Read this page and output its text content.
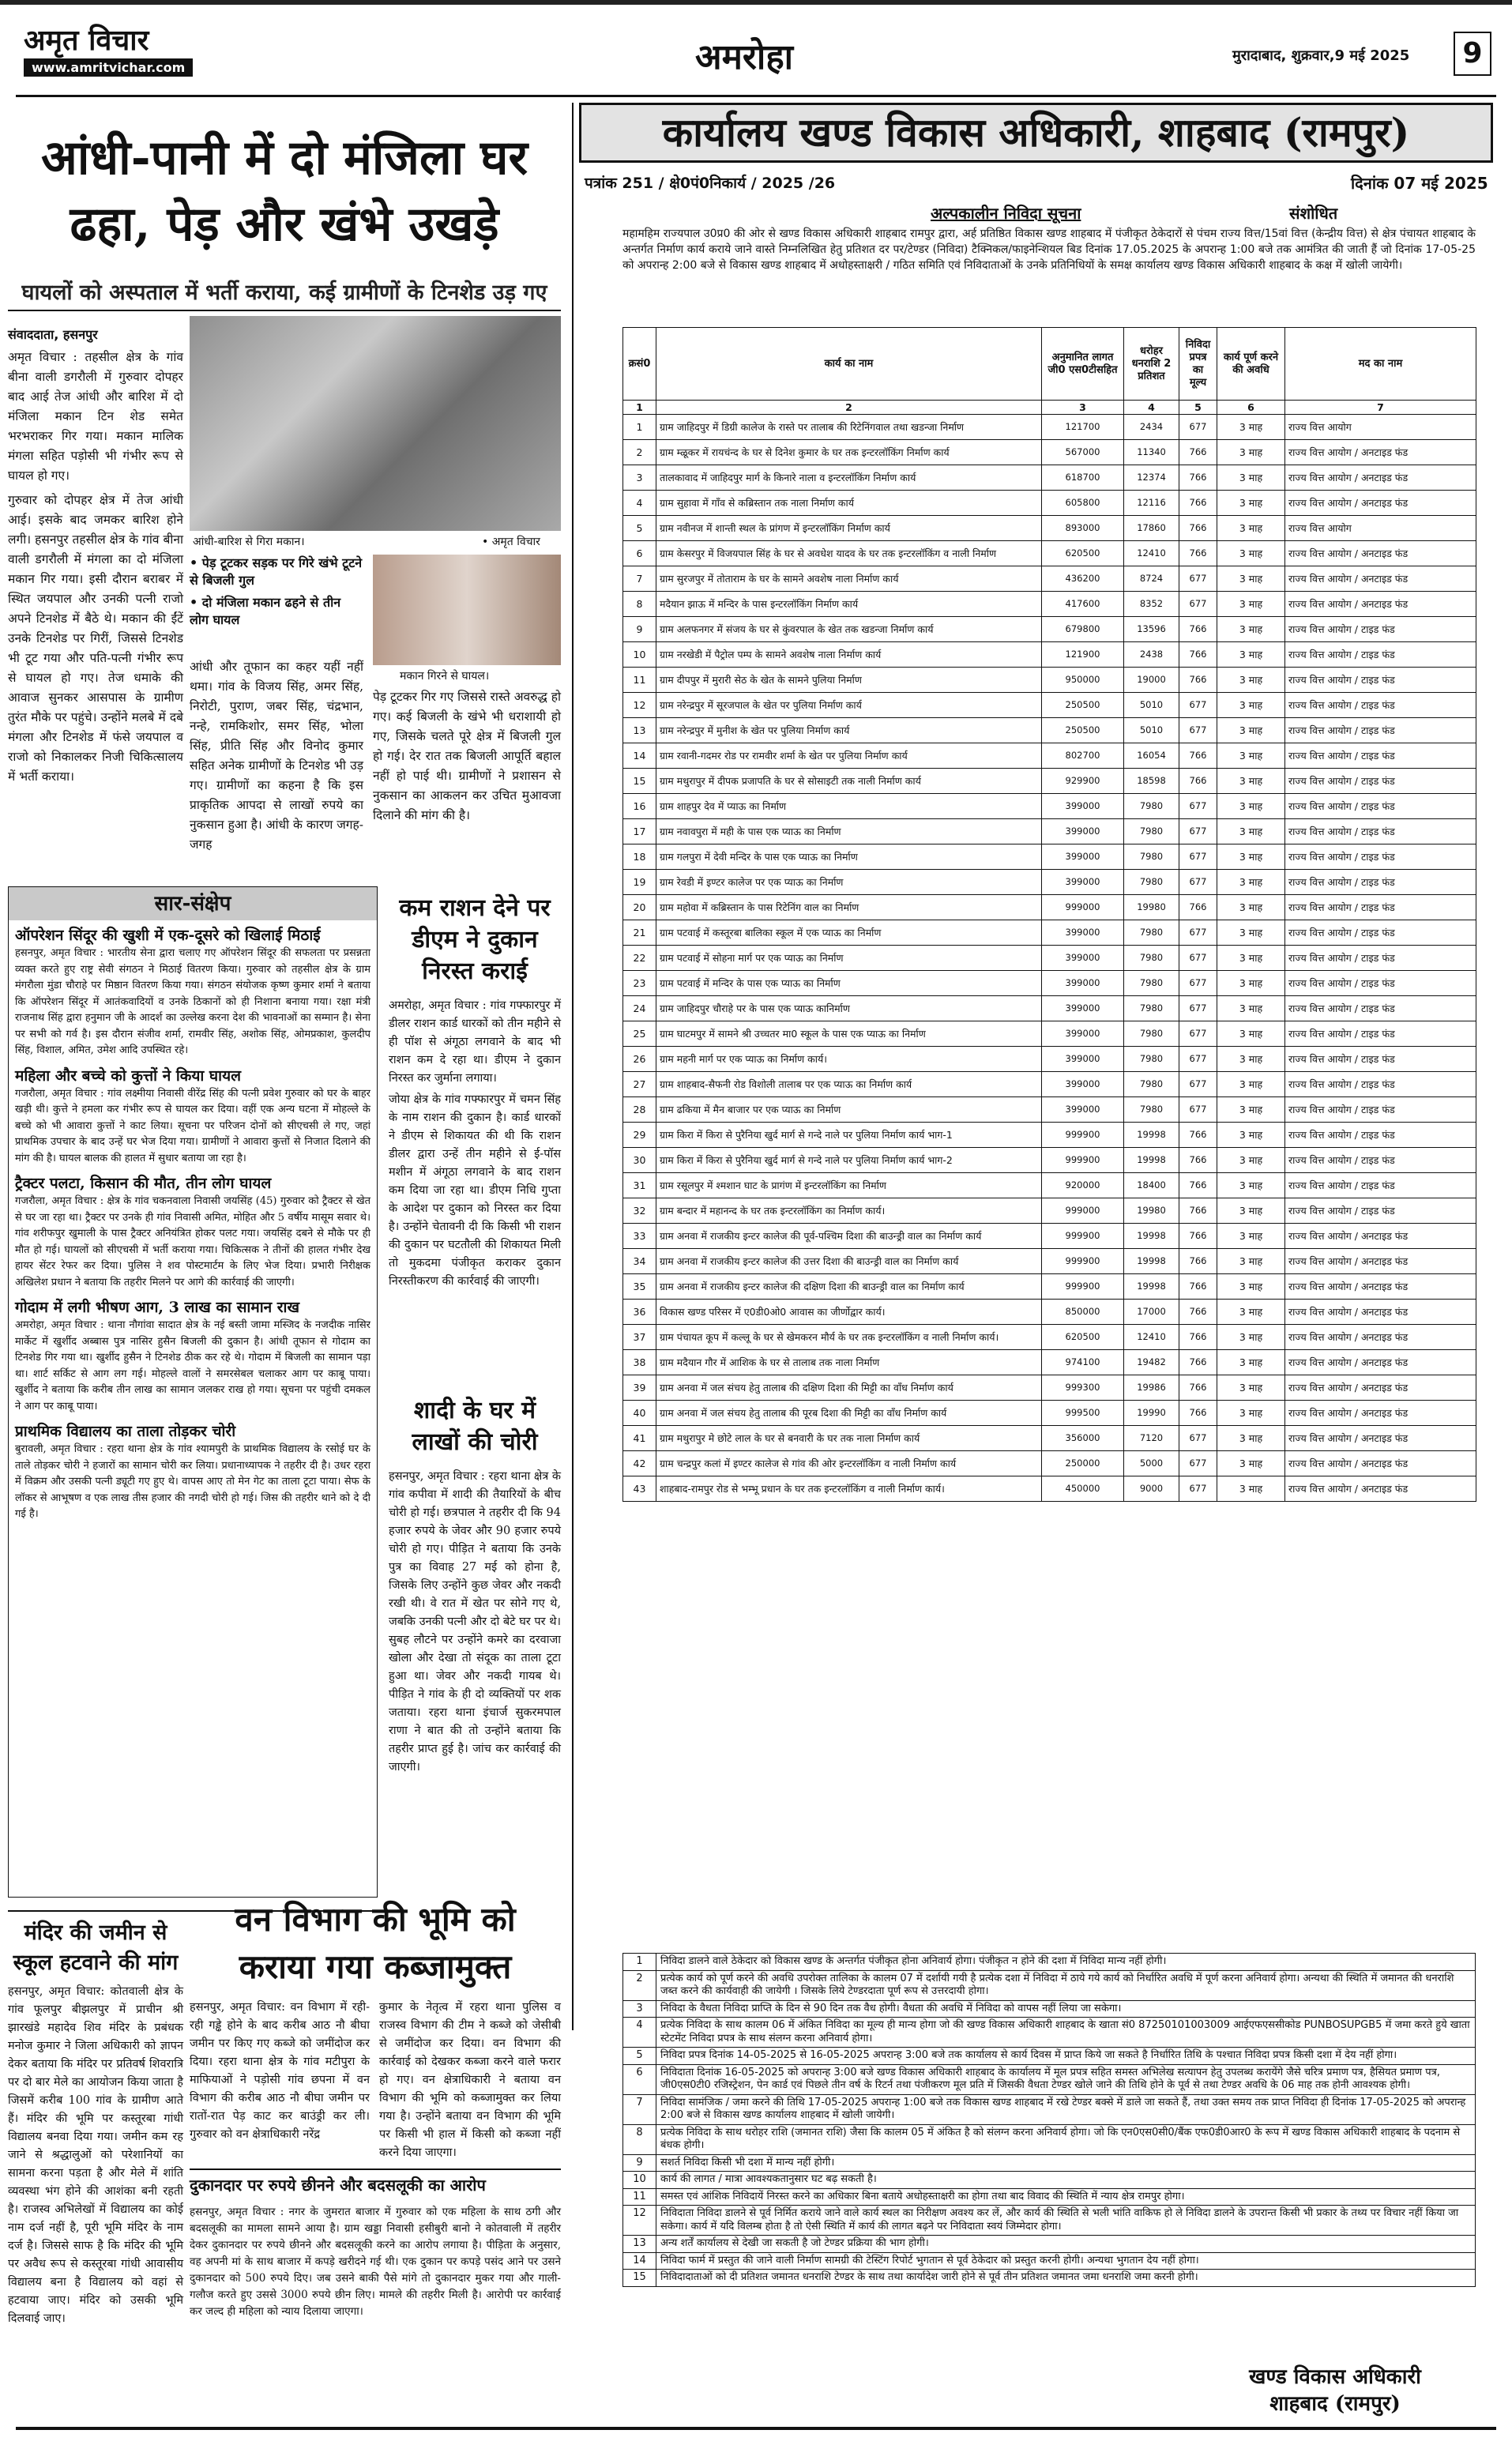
अमृत विचार
www.amritvichar.com	अमरोहा	मुरादाबाद, शुक्रवार,9 मई 2025	9
आंधी-पानी में दो मंजिला घर
ढहा, पेड़ और खंभे उखड़े
घायलों को अस्पताल में भर्ती कराया, कई ग्रामीणों के टिनशेड उड़ गए
संवाददाता, हसनपुर

अमृत विचार : तहसील क्षेत्र के गांव बीना वाली डगरौली में गुरुवार दोपहर बाद आई तेज आंधी और बारिश में दो मंजिला मकान टिन शेड समेत भरभराकर गिर गया। मकान मालिक मंगला सहित पड़ोसी भी गंभीर रूप से घायल हो गए।

गुरुवार को दोपहर क्षेत्र में तेज आंधी आई। इसके बाद जमकर बारिश होने लगी। हसनपुर तहसील क्षेत्र के गांव बीना वाली डगरौली में मंगला का दो मंजिला मकान गिर गया। इसी दौरान बराबर में स्थित जयपाल और उनकी पत्नी राजो अपने टिनशेड में बैठे थे। मकान की ईंटें उनके टिनशेड पर गिरीं, जिससे टिनशेड भी टूट गया और पति-पत्नी गंभीर रूप से घायल हो गए। तेज धमाके की आवाज सुनकर आसपास के ग्रामीण तुरंत मौके पर पहुंचे। उन्होंने मलबे में दबे मंगला और टिनशेड में फंसे जयपाल व राजो को निकालकर निजी चिकित्सालय में भर्ती कराया।

आंधी-बारिश से गिरा मकान।	• अमृत विचार
• पेड़ टूटकर सड़क पर गिरे खंभे टूटने से बिजली गुल
• दो मंजिला मकान ढहने से तीन लोग घायल
मकान गिरने से घायल।
आंधी और तूफान का कहर यहीं नहीं थमा। गांव के विजय सिंह, अमर सिंह, निरोटी, पुराण, जबर सिंह, चंद्रभान, नन्हे, रामकिशोर, समर सिंह, भोला सिंह, प्रीति सिंह और विनोद कुमार सहित अनेक ग्रामीणों के टिनशेड भी उड़ गए। ग्रामीणों का कहना है कि इस प्राकृतिक आपदा से लाखों रुपये का नुकसान हुआ है। आंधी के कारण जगह-जगह
पेड़ टूटकर गिर गए जिससे रास्ते अवरुद्ध हो गए। कई बिजली के खंभे भी धराशायी हो गए, जिसके चलते पूरे क्षेत्र में बिजली गुल हो गई। देर रात तक बिजली आपूर्ति बहाल नहीं हो पाई थी। ग्रामीणों ने प्रशासन से नुकसान का आकलन कर उचित मुआवजा दिलाने की मांग की है।
सार-संक्षेप
ऑपरेशन सिंदूर की खुशी में एक-दूसरे को खिलाई मिठाई
हसनपुर, अमृत विचार : भारतीय सेना द्वारा चलाए गए ऑपरेशन सिंदूर की सफलता पर प्रसन्नता व्यक्त करते हुए राष्ट्र सेवी संगठन ने मिठाई वितरण किया। गुरुवार को तहसील क्षेत्र के ग्राम मंगरौला मुंडा चौराहे पर मिष्ठान वितरण किया गया। संगठन संयोजक कृष्ण कुमार शर्मा ने बताया कि ऑपरेशन सिंदूर में आतंकवादियों व उनके ठिकानों को ही निशाना बनाया गया। रक्षा मंत्री राजनाथ सिंह द्वारा हनुमान जी के आदर्श का उल्लेख करना देश की भावनाओं का सम्मान है। सेना पर सभी को गर्व है। इस दौरान संजीव शर्मा, रामवीर सिंह, अशोक सिंह, ओमप्रकाश, कुलदीप सिंह, विशाल, अमित, उमेश आदि उपस्थित रहे।
महिला और बच्चे को कुत्तों ने किया घायल
गजरौला, अमृत विचार : गांव लक्ष्मीया निवासी वीरेंद्र सिंह की पत्नी प्रवेश गुरुवार को घर के बाहर खड़ी थी। कुत्ते ने हमला कर गंभीर रूप से घायल कर दिया। वहीं एक अन्य घटना में मोहल्ले के बच्चे को भी आवारा कुत्तों ने काट लिया। सूचना पर परिजन दोनों को सीएचसी ले गए, जहां प्राथमिक उपचार के बाद उन्हें घर भेज दिया गया। ग्रामीणों ने आवारा कुत्तों से निजात दिलाने की मांग की है। घायल बालक की हालत में सुधार बताया जा रहा है।
ट्रैक्टर पलटा, किसान की मौत, तीन लोग घायल
गजरौला, अमृत विचार : क्षेत्र के गांव चकनवाला निवासी जयसिंह (45) गुरुवार को ट्रैक्टर से खेत से घर जा रहा था। ट्रैक्टर पर उनके ही गांव निवासी अमित, मोहित और 5 वर्षीय मासूम सवार थे। गांव शरीफपुर खुमाली के पास ट्रैक्टर अनियंत्रित होकर पलट गया। जयसिंह दबने से मौके पर ही मौत हो गई। घायलों को सीएचसी में भर्ती कराया गया। चिकित्सक ने तीनों की हालत गंभीर देख हायर सेंटर रेफर कर दिया। पुलिस ने शव पोस्टमार्टम के लिए भेज दिया। प्रभारी निरीक्षक अखिलेश प्रधान ने बताया कि तहरीर मिलने पर आगे की कार्रवाई की जाएगी।
गोदाम में लगी भीषण आग, 3 लाख का सामान राख
अमरोहा, अमृत विचार : थाना नौगांवा सादात क्षेत्र के नई बस्ती जामा मस्जिद के नजदीक नासिर मार्केट में खुर्शीद अब्बास पुत्र नासिर हुसैन बिजली की दुकान है। आंधी तूफान से गोदाम का टिनशेड गिर गया था। खुर्शीद हुसैन ने टिनशेड ठीक कर रहे थे। गोदाम में बिजली का सामान पड़ा था। शार्ट सर्किट से आग लग गई। मोहल्ले वालों ने समरसेबल चलाकर आग पर काबू पाया। खुर्शीद ने बताया कि करीब तीन लाख का सामान जलकर राख हो गया। सूचना पर पहुंची दमकल ने आग पर काबू पाया।
प्राथमिक विद्यालय का ताला तोड़कर चोरी
बुरावली, अमृत विचार : रहरा थाना क्षेत्र के गांव श्यामपुरी के प्राथमिक विद्यालय के रसोई घर के ताले तोड़कर चोरी ने हजारों का सामान चोरी कर लिया। प्रधानाध्यापक ने तहरीर दी है। उधर रहरा में विक्रम और उसकी पत्नी ड्यूटी गए हुए थे। वापस आए तो मेन गेट का ताला टूटा पाया। सेफ के लॉकर से आभूषण व एक लाख तीस हजार की नगदी चोरी हो गई। जिस की तहरीर थाने को दे दी गई है।
कम राशन देने पर डीएम ने दुकान निरस्त कराई

अमरोहा, अमृत विचार : गांव गफ्फारपुर में डीलर राशन कार्ड धारकों को तीन महीने से ही पॉश से अंगूठा लगवाने के बाद भी राशन कम दे रहा था। डीएम ने दुकान निरस्त कर जुर्माना लगाया।

जोया क्षेत्र के गांव गफ्फारपुर में चमन सिंह के नाम राशन की दुकान है। कार्ड धारकों ने डीएम से शिकायत की थी कि राशन डीलर द्वारा उन्हें तीन महीने से ई-पॉस मशीन में अंगूठा लगवाने के बाद राशन कम दिया जा रहा था। डीएम निधि गुप्ता के आदेश पर दुकान को निरस्त कर दिया है। उन्होंने चेतावनी दी कि किसी भी राशन की दुकान पर घटतौली की शिकायत मिली तो मुकदमा पंजीकृत कराकर दुकान निरस्तीकरण की कार्रवाई की जाएगी।

शादी के घर में लाखों की चोरी
हसनपुर, अमृत विचार : रहरा थाना क्षेत्र के गांव कपीवा में शादी की तैयारियों के बीच चोरी हो गई। छत्रपाल ने तहरीर दी कि 94 हजार रुपये के जेवर और 90 हजार रुपये चोरी हो गए। पीड़ित ने बताया कि उनके पुत्र का विवाह 27 मई को होना है, जिसके लिए उन्होंने कुछ जेवर और नकदी रखी थी। वे रात में खेत पर सोने गए थे, जबकि उनकी पत्नी और दो बेटे घर पर थे। सुबह लौटने पर उन्होंने कमरे का दरवाजा खोला और देखा तो संदूक का ताला टूटा हुआ था। जेवर और नकदी गायब थे। पीड़ित ने गांव के ही दो व्यक्तियों पर शक जताया। रहरा थाना इंचार्ज सुकरमपाल राणा ने बात की तो उन्होंने बताया कि तहरीर प्राप्त हुई है। जांच कर कार्रवाई की जाएगी।
मंदिर की जमीन से स्कूल हटवाने की मांग
हसनपुर, अमृत विचार: कोतवाली क्षेत्र के गांव फूलपुर बीझलपुर में प्राचीन श्री झारखंडे महादेव शिव मंदिर के प्रबंधक मनोज कुमार ने जिला अधिकारी को ज्ञापन देकर बताया कि मंदिर पर प्रतिवर्ष शिवरात्रि पर दो बार मेले का आयोजन किया जाता है जिसमें करीब 100 गांव के ग्रामीण आते हैं। मंदिर की भूमि पर कस्तूरबा गांधी विद्यालय बनवा दिया गया। जमीन कम रह जाने से श्रद्धालुओं को परेशानियों का सामना करना पड़ता है और मेले में शांति व्यवस्था भंग होने की आशंका बनी रहती है। राजस्व अभिलेखों में विद्यालय का कोई नाम दर्ज नहीं है, पूरी भूमि मंदिर के नाम दर्ज है। जिससे साफ है कि मंदिर की भूमि पर अवैध रूप से कस्तूरबा गांधी आवासीय विद्यालय बना है विद्यालय को वहां से हटवाया जाए। मंदिर को उसकी भूमि दिलवाई जाए।
वन विभाग की भूमि को
कराया गया कब्जामुक्त
हसनपुर, अमृत विचार: वन विभाग में रही-रही गड्ढे होने के बाद करीब आठ नौ बीघा जमीन पर किए गए कब्जे को जमींदोज कर दिया। रहरा थाना क्षेत्र के गांव मटीपुरा के माफियाओं ने पड़ोसी गांव छपना में वन विभाग की करीब आठ नौ बीघा जमीन पर रातों-रात पेड़ काट कर बाउंड्री कर ली। गुरुवार को वन क्षेत्राधिकारी नरेंद्र
कुमार के नेतृत्व में रहरा थाना पुलिस व राजस्व विभाग की टीम ने कब्जे को जेसीबी से जमींदोज कर दिया। वन विभाग की कार्रवाई को देखकर कब्जा करने वाले फरार हो गए। वन क्षेत्राधिकारी ने बताया वन विभाग की भूमि को कब्जामुक्त कर लिया गया है। उन्होंने बताया वन विभाग की भूमि पर किसी भी हाल में किसी को कब्जा नहीं करने दिया जाएगा।
दुकानदार पर रुपये छीनने और बदसलूकी का आरोप
हसनपुर, अमृत विचार : नगर के जुमरात बाजार में गुरुवार को एक महिला के साथ ठगी और बदसलूकी का मामला सामने आया है। ग्राम खड्डा निवासी हसीबुरी बानो ने कोतवाली में तहरीर देकर दुकानदार पर रुपये छीनने और बदसलूकी करने का आरोप लगाया है। पीड़िता के अनुसार, वह अपनी मां के साथ बाजार में कपड़े खरीदने गई थी। एक दुकान पर कपड़े पसंद आने पर उसने दुकानदार को 500 रुपये दिए। जब उसने बाकी पैसे मांगे तो दुकानदार मुकर गया और गाली-गलौज करते हुए उससे 3000 रुपये छीन लिए। मामले की तहरीर मिली है। आरोपी पर कार्रवाई कर जल्द ही महिला को न्याय दिलाया जाएगा।
कार्यालय खण्ड विकास अधिकारी, शाहबाद (रामपुर)
पत्रांक 251 / क्षे0पं0निकार्य / 2025 /26	दिनांक 07 मई 2025
अल्पकालीन निविदा सूचना	संशोधित
महामहिम राज्यपाल उ0प्र0 की ओर से खण्ड विकास अधिकारी शाहबाद रामपुर द्वारा, अर्ह प्रतिष्ठित विकास खण्ड शाहबाद में पंजीकृत ठेकेदारों से पंचम राज्य वित्त/15वां वित्त (केन्द्रीय वित्त) से क्षेत्र पंचायत शाहबाद के अन्तर्गत निर्माण कार्य कराये जाने वास्ते निम्नलिखित हेतु प्रतिशत दर पर/टेण्डर (निविदा) टैक्निकल/फाइनेन्शियल बिड दिनांक 17.05.2025 के अपरान्ह 1:00 बजे तक आमंत्रित की जाती हैं जो दिनांक 17-05-25 को अपरान्ह 2:00 बजे से विकास खण्ड शाहबाद में अधोहस्ताक्षरी / गठित समिति एवं निविदाताओं के उनके प्रतिनिधियों के समक्ष कार्यालय खण्ड विकास अधिकारी शाहबाद के कक्ष में खोली जायेगी।
क्रसं0	कार्य का नाम	अनुमानित लागत जी0 एस0टीसहित	धरोहर धनराशि 2 प्रतिशत	निविदा प्रपत्र का मूल्य	कार्य पूर्ण करने की अवधि	मद का नाम
1	2	3	4	5	6	7
1	ग्राम जाहिदपुर में डिग्री कालेज के रास्ते पर तालाब की रिटेनिंगवाल तथा खडन्जा निर्माण	121700	2434	677	3 माह	राज्य वित्त आयोग
2	ग्राम म्ळूकर में रायचंन्द के घर से दिनेश कुमार के घर तक इन्टरलॉकिंग निर्माण कार्य	567000	11340	766	3 माह	राज्य वित्त आयोग / अनटाइड फंड
3	तालकावाद में जाहिदपुर मार्ग के किनारे नाला व इन्टरलॉकिंग निर्माण कार्य	618700	12374	766	3 माह	राज्य वित्त आयोग / अनटाइड फंड
4	ग्राम सुहावा में गाँव से कब्रिस्तान तक नाला निर्माण कार्य	605800	12116	766	3 माह	राज्य वित्त आयोग / अनटाइड फंड
5	ग्राम नवीनज में शान्ती स्थल के प्रांगण में इन्टरलॉकिंग निर्माण कार्य	893000	17860	766	3 माह	राज्य वित्त आयोग
6	ग्राम केसरपुर में विजयपाल सिंह के घर से अवधेश यादव के घर तक इन्टरलॉकिंग व नाली निर्माण	620500	12410	766	3 माह	राज्य वित्त आयोग / अनटाइड फंड
7	ग्राम सुरजपुर में तोताराम के घर के सामने अवशेष नाला निर्माण कार्य	436200	8724	677	3 माह	राज्य वित्त आयोग / अनटाइड फंड
8	मदैयान झाऊ में मन्दिर के पास इन्टरलॉकिंग निर्माण कार्य	417600	8352	677	3 माह	राज्य वित्त आयोग / अनटाइड फंड
9	ग्राम अलफनगर में संजय के घर से कुंवरपाल के खेत तक खडन्जा निर्माण कार्य	679800	13596	766	3 माह	राज्य वित्त आयोग / टाइड फंड
10	ग्राम नरखेडी में पैट्रोल पम्प के सामने अवशेष नाला निर्माण कार्य	121900	2438	766	3 माह	राज्य वित्त आयोग / टाइड फंड
11	ग्राम दीपपुर में मुरारी सेठ के खेत के सामने पुलिया निर्माण	950000	19000	766	3 माह	राज्य वित्त आयोग / टाइड फंड
12	ग्राम नरेन्द्रपुर में सूरजपाल के खेत पर पुलिया निर्माण कार्य	250500	5010	677	3 माह	राज्य वित्त आयोग / टाइड फंड
13	ग्राम नरेन्द्रपुर में मुनीश के खेत पर पुलिया निर्माण कार्य	250500	5010	677	3 माह	राज्य वित्त आयोग / टाइड फंड
14	ग्राम रवानी-गदमर रोड पर रामवीर शर्मा के खेत पर पुलिया निर्माण कार्य	802700	16054	766	3 माह	राज्य वित्त आयोग / टाइड फंड
15	ग्राम मथुरापुर में दीपक प्रजापति के घर से सोसाइटी तक नाली निर्माण कार्य	929900	18598	766	3 माह	राज्य वित्त आयोग / टाइड फंड
16	ग्राम शाहपुर देव में प्याऊ का निर्माण	399000	7980	677	3 माह	राज्य वित्त आयोग / टाइड फंड
17	ग्राम नवावपुरा में मही के पास एक प्याऊ का निर्माण	399000	7980	677	3 माह	राज्य वित्त आयोग / टाइड फंड
18	ग्राम गलपुरा में देवी मन्दिर के पास एक प्याऊ का निर्माण	399000	7980	677	3 माह	राज्य वित्त आयोग / टाइड फंड
19	ग्राम रेवडी में इण्टर कालेज पर एक प्याऊ का निर्माण	399000	7980	677	3 माह	राज्य वित्त आयोग / टाइड फंड
20	ग्राम महोवा में कब्रिस्तान के पास रिटेनिंग वाल का निर्माण	999000	19980	766	3 माह	राज्य वित्त आयोग / टाइड फंड
21	ग्राम पटवाई में कस्तूरबा बालिका स्कूल में एक प्याऊ का निर्माण	399000	7980	677	3 माह	राज्य वित्त आयोग / टाइड फंड
22	ग्राम पटवाई में सोहना मार्ग पर एक प्याऊ का निर्माण	399000	7980	677	3 माह	राज्य वित्त आयोग / टाइड फंड
23	ग्राम पटवाई में मन्दिर के पास एक प्याऊ का निर्माण	399000	7980	677	3 माह	राज्य वित्त आयोग / टाइड फंड
24	ग्राम जाहिदपुर चौराहे पर के पास एक प्याऊ कानिर्माण	399000	7980	677	3 माह	राज्य वित्त आयोग / टाइड फंड
25	ग्राम घाटमपुर में सामने श्री उच्चतर मा0 स्कूल के पास एक प्याऊ का निर्माण	399000	7980	677	3 माह	राज्य वित्त आयोग / टाइड फंड
26	ग्राम महनी मार्ग पर एक प्याऊ का निर्माण कार्य।	399000	7980	677	3 माह	राज्य वित्त आयोग / टाइड फंड
27	ग्राम शाहबाद-सैफनी रोड विशोली तालाब पर एक प्याऊ का निर्माण कार्य	399000	7980	677	3 माह	राज्य वित्त आयोग / टाइड फंड
28	ग्राम ढकिया में मैन बाजार पर एक प्याऊ का निर्माण	399000	7980	677	3 माह	राज्य वित्त आयोग / टाइड फंड
29	ग्राम किरा में किरा से पुरैनिया खुर्द मार्ग से गन्दे नाले पर पुलिया निर्माण कार्य भाग-1	999900	19998	766	3 माह	राज्य वित्त आयोग / टाइड फंड
30	ग्राम किरा में किरा से पुरैनिया खुर्द मार्ग से गन्दे नाले पर पुलिया निर्माण कार्य भाग-2	999900	19998	766	3 माह	राज्य वित्त आयोग / टाइड फंड
31	ग्राम रसूलपुर में श्मशान घाट के प्रागंण में इन्टरलॉकिंग का निर्माण	920000	18400	766	3 माह	राज्य वित्त आयोग / टाइड फंड
32	ग्राम बन्दार में महानन्द के घर तक इन्टरलॉकिंग का निर्माण कार्य।	999000	19980	766	3 माह	राज्य वित्त आयोग / टाइड फंड
33	ग्राम अनवा में राजकीय इन्टर कालेज की पूर्व-पश्चिम दिशा की बाउन्ड्री वाल का निर्माण कार्य	999900	19998	766	3 माह	राज्य वित्त आयोग / अनटाइड फंड
34	ग्राम अनवा में राजकीय इन्टर कालेज की उत्तर दिशा की बाउन्ड्री वाल का निर्माण कार्य	999900	19998	766	3 माह	राज्य वित्त आयोग / अनटाइड फंड
35	ग्राम अनवा में राजकीय इन्टर कालेज की दक्षिण दिशा की बाउन्ड्री वाल का निर्माण कार्य	999900	19998	766	3 माह	राज्य वित्त आयोग / अनटाइड फंड
36	विकास खण्ड परिसर में ए0डी0ओ0 आवास का जीर्णोद्वार कार्य।	850000	17000	766	3 माह	राज्य वित्त आयोग / अनटाइड फंड
37	ग्राम पंचायत कूप में कल्लू के घर से खेमकरन मौर्य के घर तक इन्टरलॉकिंग व नाली निर्माण कार्य।	620500	12410	766	3 माह	राज्य वित्त आयोग / अनटाइड फंड
38	ग्राम मदैयान गौर में आशिक के घर से तालाब तक नाला निर्माण	974100	19482	766	3 माह	राज्य वित्त आयोग / अनटाइड फंड
39	ग्राम अनवा में जल संचय हेतु तालाब की दक्षिण दिशा की मिट्टी का वाँध निर्माण कार्य	999300	19986	766	3 माह	राज्य वित्त आयोग / अनटाइड फंड
40	ग्राम अनवा में जल संचय हेतु तालाब की पूरब दिशा की मिट्टी का वाँध निर्माण कार्य	999500	19990	766	3 माह	राज्य वित्त आयोग / अनटाइड फंड
41	ग्राम मथुरापुर मे छोटे लाल के घर से बनवारी के घर तक नाला निर्माण कार्य	356000	7120	677	3 माह	राज्य वित्त आयोग / अनटाइड फंड
42	ग्राम चन्द्रपुर कलां में इण्टर कालेज से गांव की ओर इन्टरलॉकिंग व नाली निर्माण कार्य	250000	5000	677	3 माह	राज्य वित्त आयोग / अनटाइड फंड
43	शाहबाद-रामपुर रोड से भम्भू प्रधान के घर तक इन्टरलॉकिंग व नाली निर्माण कार्य।	450000	9000	677	3 माह	राज्य वित्त आयोग / अनटाइड फंड
1	निविदा डालने वाले ठेकेदार को विकास खण्ड के अन्तर्गत पंजीकृत होना अनिवार्य होगा। पंजीकृत न होने की दशा में निविदा मान्य नहीं होगी।
2	प्रत्येक कार्य को पूर्ण करने की अवधि उपरोक्त तालिका के कालम 07 में दर्शायी गयी है प्रत्येक दशा में निविदा में ठाये गये कार्य को निर्धारित अवधि में पूर्ण करना अनिवार्य होगा। अन्यथा की स्थिति में जमानत की धनराशि जब्त करने की कार्यवाही की जायेगी । जिसके लिये टेण्डरदाता पूर्ण रूप से उत्तरदायी होगा।
3	निविदा के वैधता निविदा प्राप्ति के दिन से 90 दिन तक वैध होगी। वैधता की अवधि में निविदा को वापस नहीं लिया जा सकेगा।
4	प्रत्येक निविदा के साथ कालम 06 में अंकित निविदा का मूल्य ही मान्य होगा जो की खण्ड विकास अधिकारी शाहबाद के खाता सं0 87250101003009 आईएफएससीकोड PUNBOSUPGB5 में जमा करते हुये खाता स्टेटमेंट निविदा प्रपत्र के साथ संलग्न करना अनिवार्य होगा।
5	निविदा प्रपत्र दिनांक 14-05-2025 से 16-05-2025 अपरान्ह 3:00 बजे तक कार्यालय से कार्य दिवस में प्राप्त किये जा सकते है निर्धारित तिथि के पश्चात निविदा प्रपत्र किसी दशा में देय नहीं होगा।
6	निविदाता दिनांक 16-05-2025 को अपरान्ह 3:00 बजे खण्ड विकास अधिकारी शाहबाद के कार्यालय में मूल प्रपत्र सहित समस्त अभिलेख सत्यापन हेतु उपलब्ध करायेंगे जैसे चरित्र प्रमाण पत्र, हैसियत प्रमाण पत्र, जी0एस0टी0 रजिस्ट्रेशन, पेन कार्ड एवं पिछले तीन वर्ष के रिटर्न तथा पंजीकरण मूल प्रति में जिसकी वैधता टेण्डर खोले जाने की तिथि होने के पूर्व से तथा टेण्डर अवधि के 06 माह तक होनी आवश्यक होगी।
7	निविदा सामंजिक / जमा करने की तिथि 17-05-2025 अपरान्ह 1:00 बजे तक विकास खण्ड शाहबाद में रखे टेण्डर बक्से में डाले जा सकते हैं, तथा उक्त समय तक प्राप्त निविदा ही दिनांक 17-05-2025 को अपरान्ह 2:00 बजे से विकास खण्ड कार्यालय शाहबाद में खोली जायेगी।
8	प्रत्येक निविदा के साथ धरोहर राशि (जमानत राशि) जैसा कि कालम 05 में अंकित है को संलग्न करना अनिवार्य होगा। जो कि एन0एस0सी0/बैंक एफ0डी0आर0 के रूप में खण्ड विकास अधिकारी शाहबाद के पदनाम से बंधक होगी।
9	सशर्त निविदा किसी भी दशा में मान्य नहीं होगी।
10	कार्य की लागत / मात्रा आवश्यकतानुसार घट बढ़ सकती है।
11	समस्त एवं आंशिक निविदायें निरस्त करने का अधिकार बिना बताये अधोहस्ताक्षरी का होगा तथा बाद विवाद की स्थिति में न्याय क्षेत्र रामपुर होगा।
12	निविदाता निविदा डालने से पूर्व निर्मित कराये जाने वाले कार्य स्थल का निरीक्षण अवश्य कर लें, और कार्य की स्थिति से भली भांति वाकिफ हो ले निविदा डालने के उपरान्त किसी भी प्रकार के तथ्य पर विचार नहीं किया जा सकेगा। कार्य में यदि विलम्ब होता है तो ऐसी स्थिति में कार्य की लागत बढ़ने पर निविदाता स्वयं जिम्मेदार होगा।
13	अन्य शर्तें कार्यालय से देखी जा सकती है जो टेण्डर प्रक्रिया की भाग होगी।
14	निविदा फार्म में प्रस्तुत की जाने वाली निर्माण सामग्री की टेस्टिंग रिपोर्ट भुगतान से पूर्व ठेकेदार को प्रस्तुत करनी होगी। अन्यथा भुगतान देय नहीं होगा।
15	निविदादाताओं को दी प्रतिशत जमानत धनराशि टेण्डर के साथ तथा कार्यादेश जारी होने से पूर्व तीन प्रतिशत जमानत जमा धनराशि जमा करनी होगी।
खण्ड विकास अधिकारी
शाहबाद (रामपुर)
